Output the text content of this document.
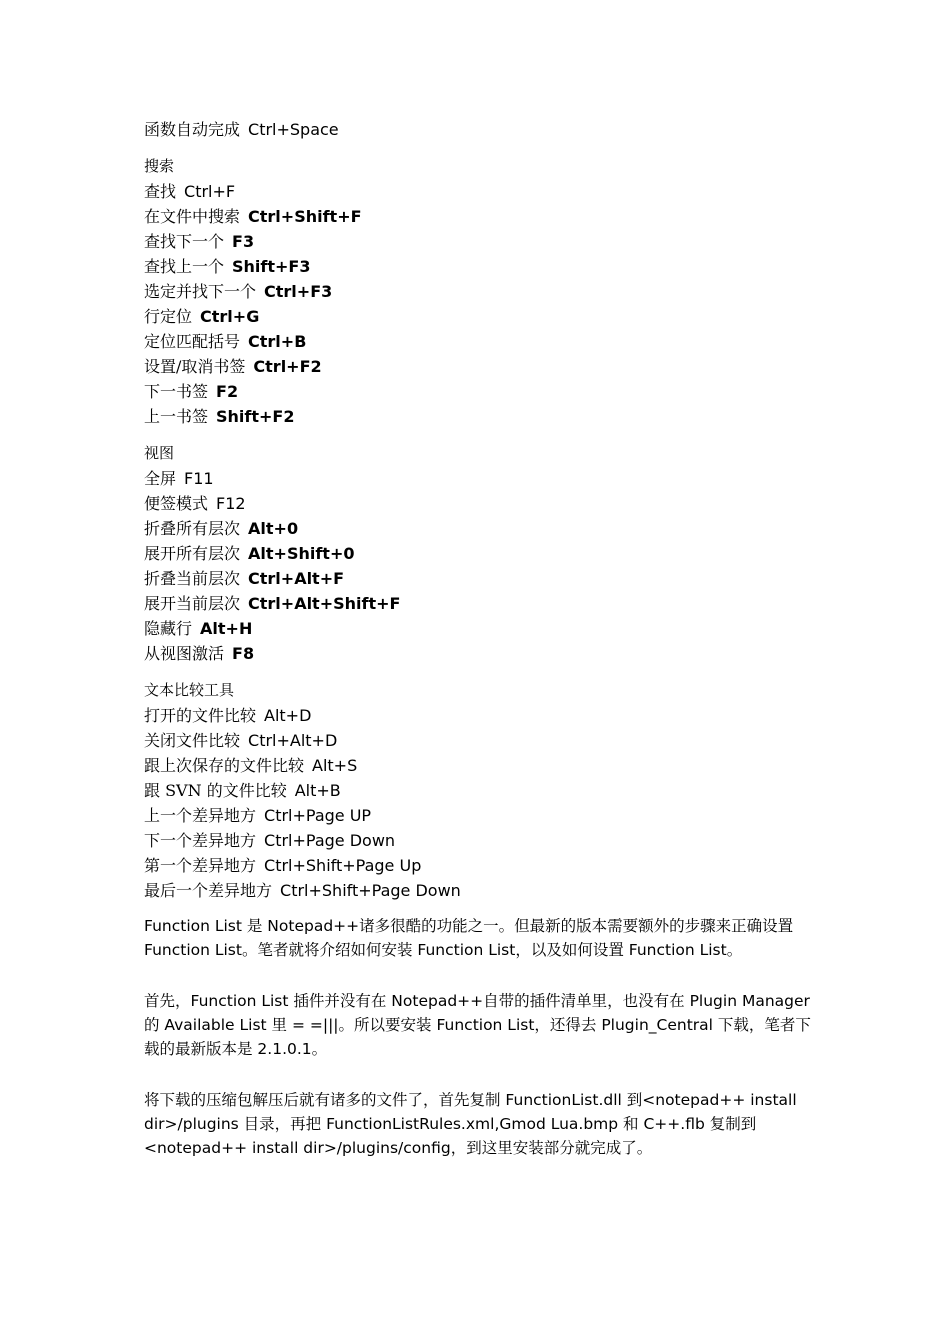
函数自动完成 Ctrl+Space
搜索
查找 Ctrl+F
在文件中搜索 Ctrl+Shift+F
查找下一个 F3
查找上一个 Shift+F3
选定并找下一个 Ctrl+F3
行定位 Ctrl+G
定位匹配括号 Ctrl+B
设置/取消书签 Ctrl+F2
下一书签 F2
上一书签 Shift+F2
视图
全屏 F11
便签模式 F12
折叠所有层次 Alt+0
展开所有层次 Alt+Shift+0
折叠当前层次 Ctrl+Alt+F
展开当前层次 Ctrl+Alt+Shift+F
隐藏行 Alt+H
从视图激活 F8
文本比较工具
打开的文件比较 Alt+D
关闭文件比较 Ctrl+Alt+D
跟上次保存的文件比较 Alt+S
跟 SVN 的文件比较 Alt+B
上一个差异地方 Ctrl+Page UP
下一个差异地方 Ctrl+Page Down
第一个差异地方 Ctrl+Shift+Page Up
最后一个差异地方 Ctrl+Shift+Page Down

Function List 是 Notepad++诸多很酷的功能之一。但最新的版本需要额外的步骤来正确设置 Function List。笔者就将介绍如何安装 Function List，以及如何设置 Function List。

首先，Function List 插件并没有在 Notepad++自带的插件清单里，也没有在 Plugin Manager 的 Available List 里 = =|||。所以要安装 Function List，还得去 Plugin_Central 下载，笔者下载的最新版本是 2.1.0.1。

将下载的压缩包解压后就有诸多的文件了，首先复制 FunctionList.dll 到<notepad++ install dir>/plugins 目录，再把 FunctionListRules.xml,Gmod Lua.bmp 和 C++.flb 复制到<notepad++ install dir>/plugins/config，到这里安装部分就完成了。
